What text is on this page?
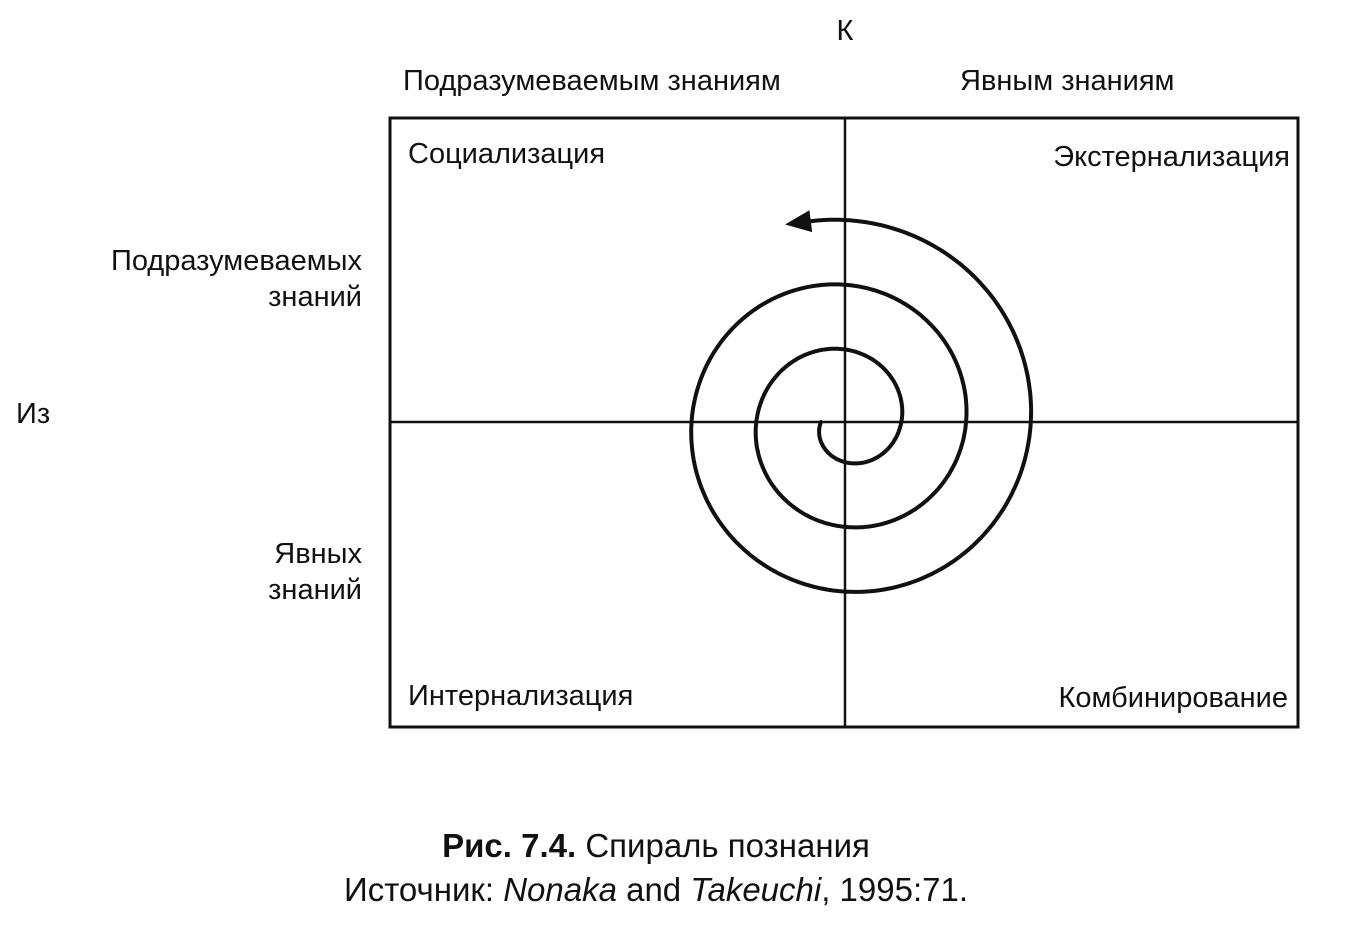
К
Подразумеваемым знаниям	Явным знаниям
Из
Подразумеваемых
знаний
Явных
знаний
Социализация	Экстернализация
Интернализация	Комбинирование
Рис. 7.4. Спираль познания
Источник: Nonaka and Takeuchi, 1995:71.
